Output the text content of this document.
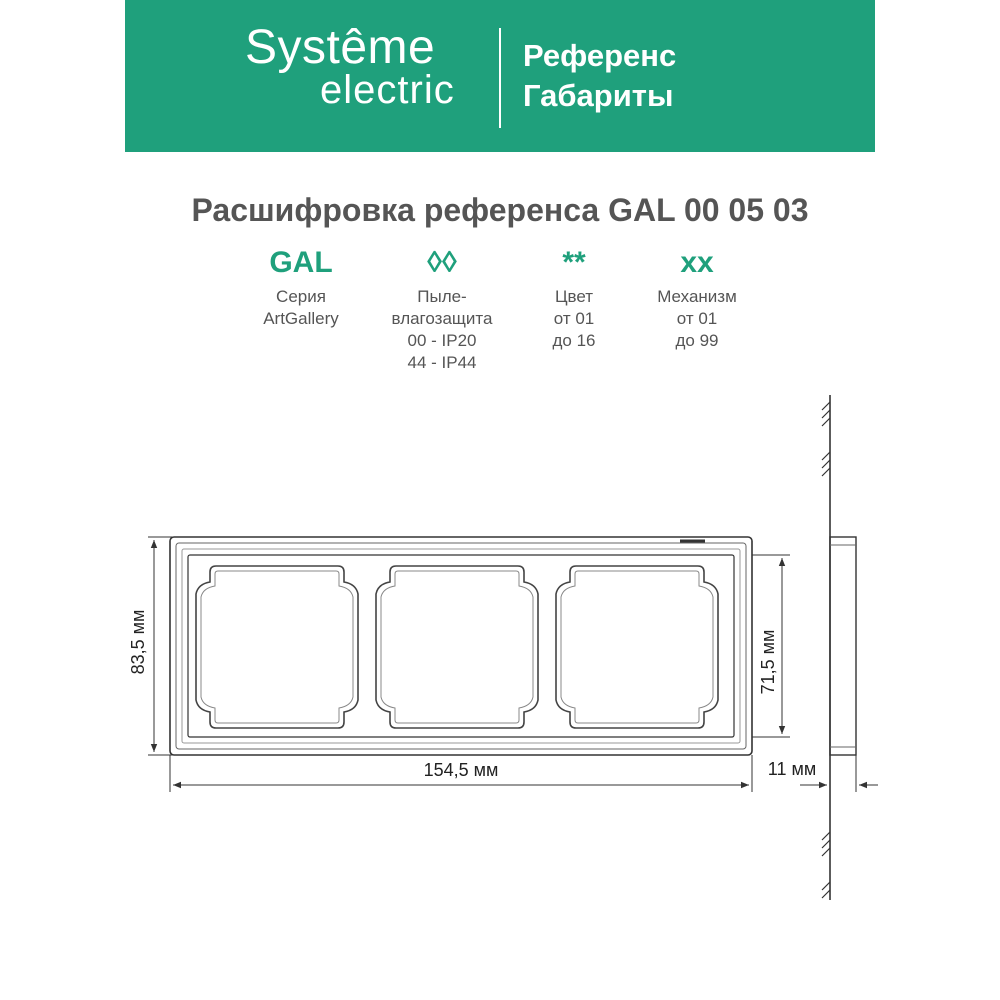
Systême
electric
Референс
Габариты
Расшифровка референса GAL 00 05 03
GAL
Серия
ArtGallery
◊◊
Пыле-
влагозащита
00 - IP20
44 - IP44
**
Цвет
от 01
до 16
xx
Механизм
от 01
до 99
83,5 мм	71,5 мм
154,5 мм	11 мм
